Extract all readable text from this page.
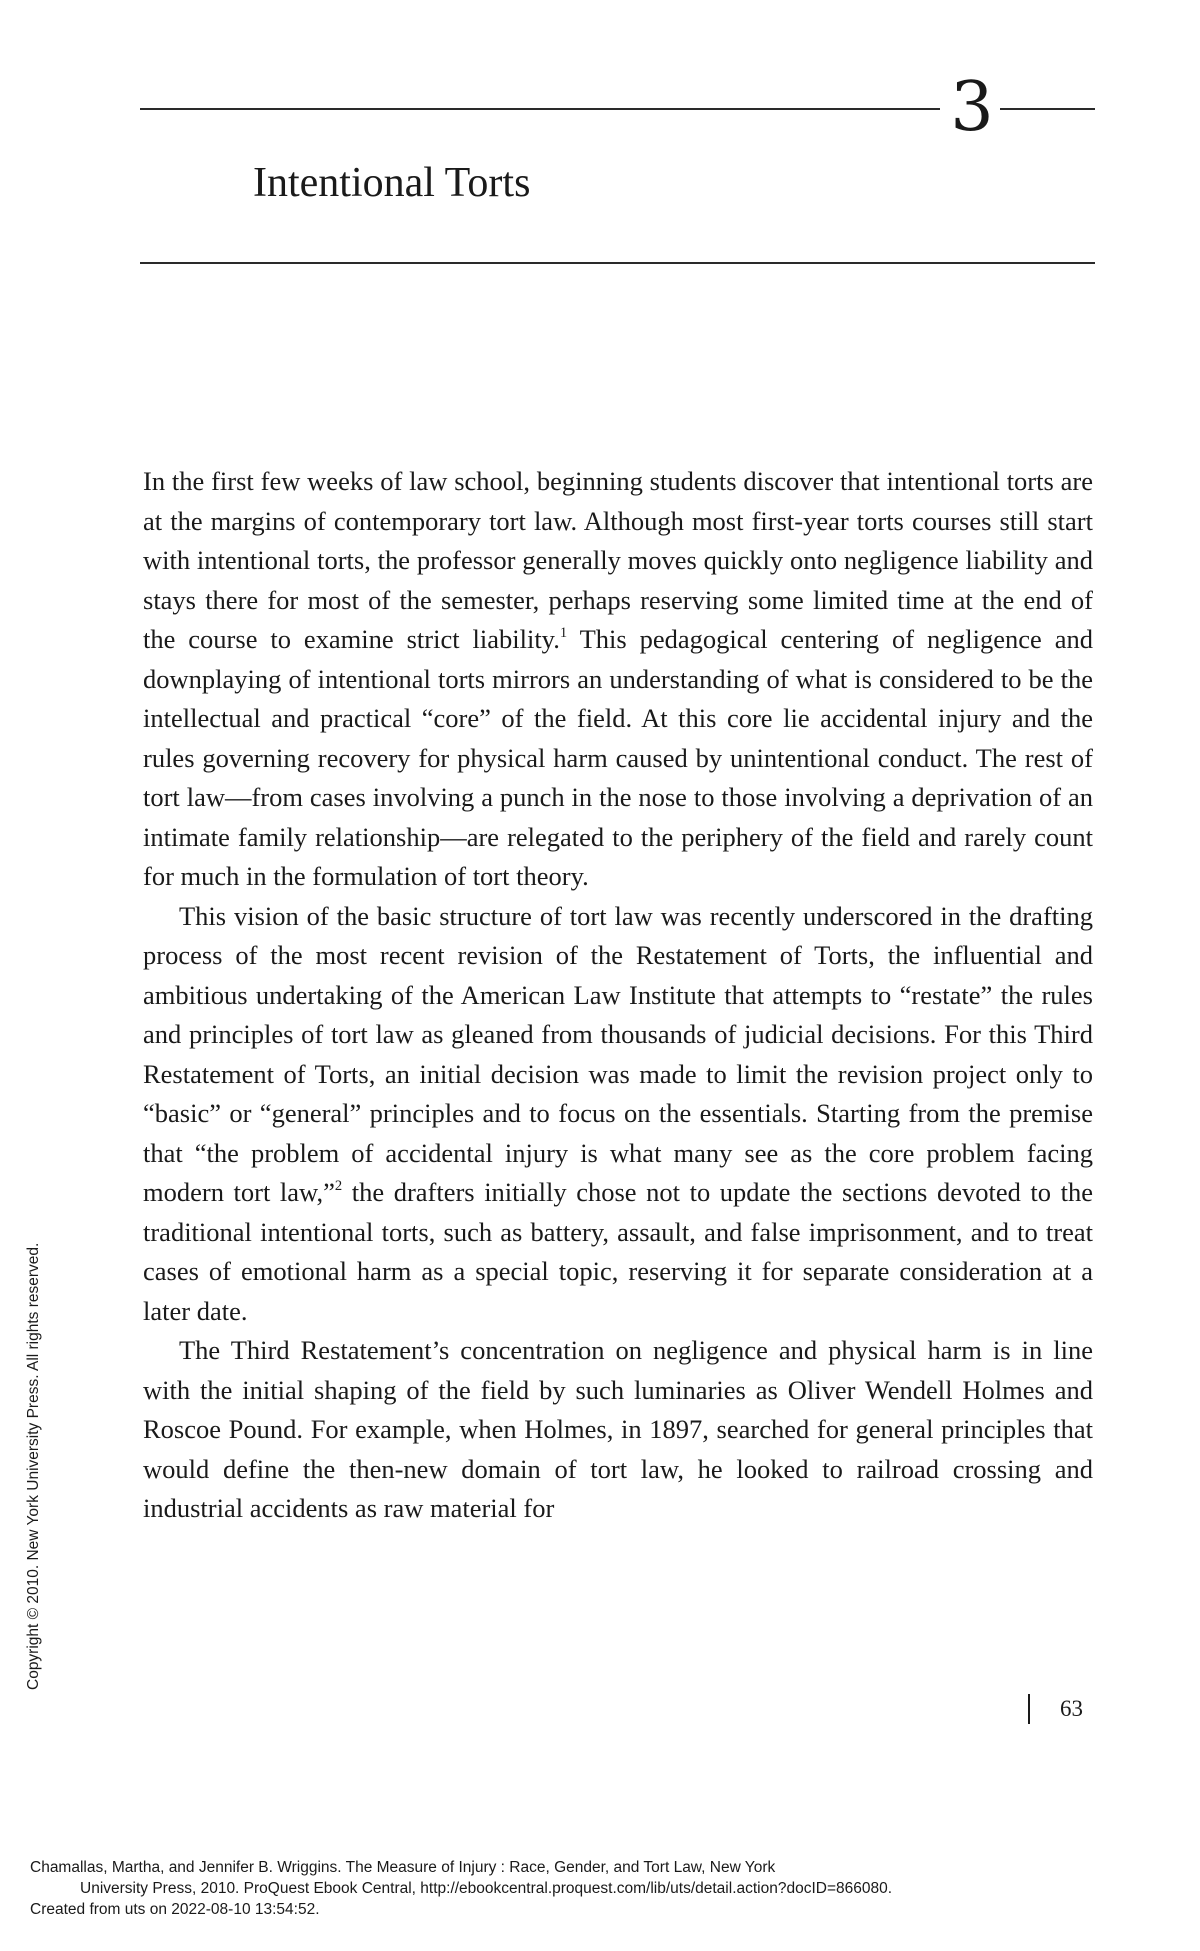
3
Intentional Torts

In the first few weeks of law school, beginning students discover that intentional torts are at the margins of contemporary tort law. Although most first-year torts courses still start with intentional torts, the professor generally moves quickly onto negligence liability and stays there for most of the semester, perhaps reserving some limited time at the end of the course to examine strict liability.$^1$ This pedagogical centering of negligence and downplaying of intentional torts mirrors an understanding of what is considered to be the intellectual and practical “core” of the field. At this core lie accidental injury and the rules governing recovery for physical harm caused by unintentional conduct. The rest of tort law—from cases involving a punch in the nose to those involving a deprivation of an intimate family relationship—are relegated to the periphery of the field and rarely count for much in the formulation of tort theory.

This vision of the basic structure of tort law was recently underscored in the drafting process of the most recent revision of the Restatement of Torts, the influential and ambitious undertaking of the American Law Institute that attempts to “restate” the rules and principles of tort law as gleaned from thousands of judicial decisions. For this Third Restatement of Torts, an initial decision was made to limit the revision project only to “basic” or “general” principles and to focus on the essentials. Starting from the premise that “the problem of accidental injury is what many see as the core problem facing modern tort law,”$^2$ the drafters initially chose not to update the sections devoted to the traditional intentional torts, such as battery, assault, and false imprisonment, and to treat cases of emotional harm as a special topic, reserving it for separate consideration at a later date.

The Third Restatement’s concentration on negligence and physical harm is in line with the initial shaping of the field by such luminaries as Oliver Wendell Holmes and Roscoe Pound. For example, when Holmes, in 1897, searched for general principles that would define the then-new domain of tort law, he looked to railroad crossing and industrial accidents as raw material for

63
Copyright © 2010. New York University Press. All rights reserved.
Chamallas, Martha, and Jennifer B. Wriggins. The Measure of Injury : Race, Gender, and Tort Law, New York
University Press, 2010. ProQuest Ebook Central, http://ebookcentral.proquest.com/lib/uts/detail.action?docID=866080.
Created from uts on 2022-08-10 13:54:52.
